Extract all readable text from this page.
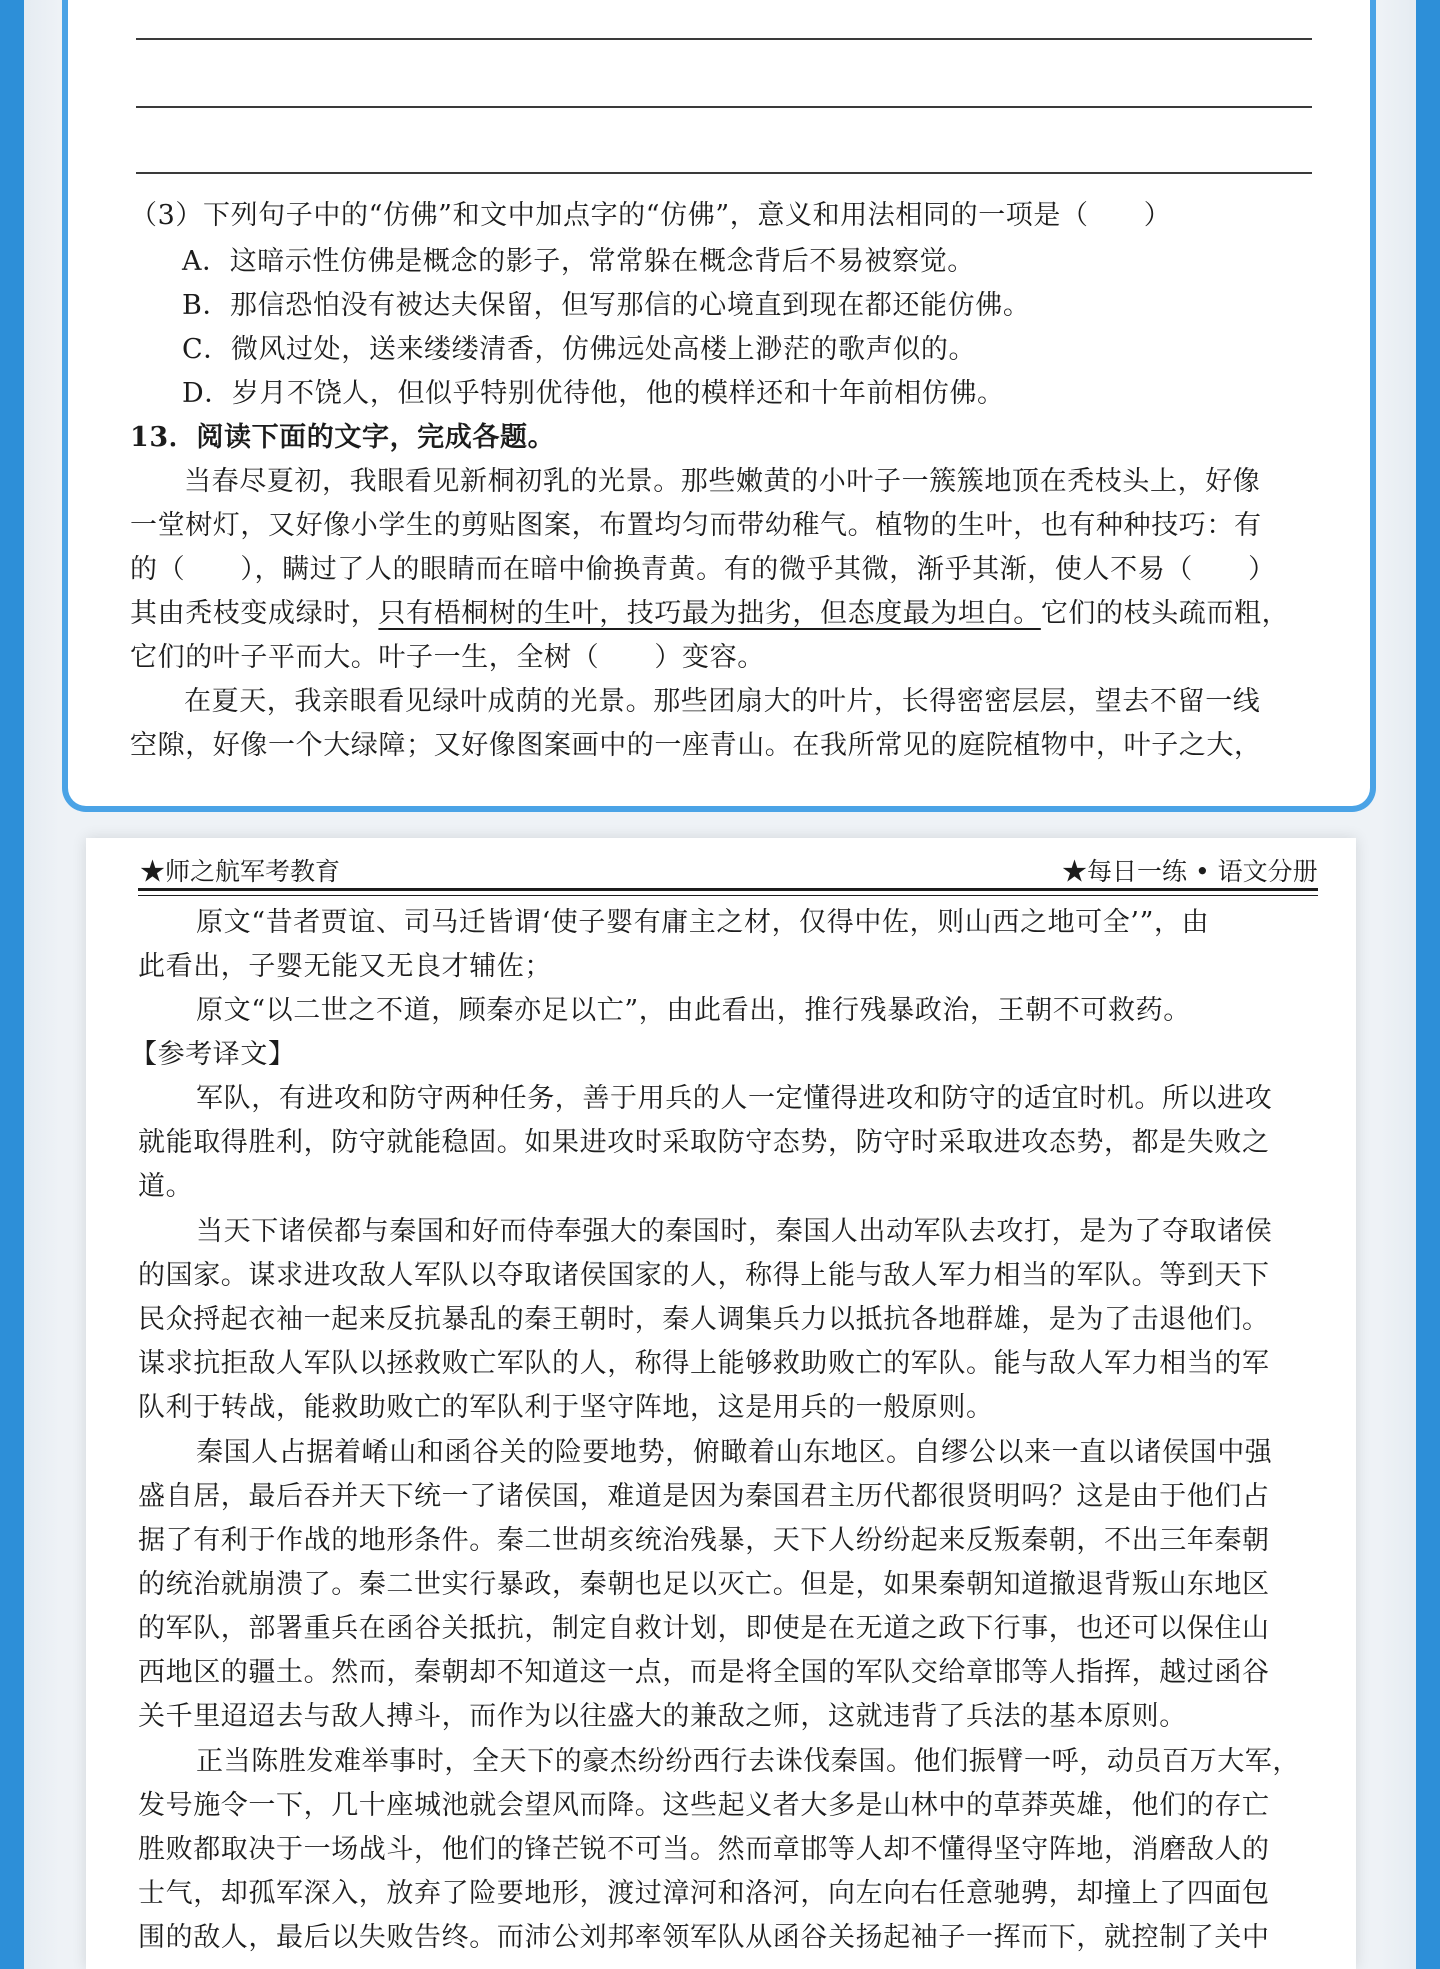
（3）下列句子中的“仿佛”和文中加点字的“仿佛”，意义和用法相同的一项是（　　）
A．这暗示性仿佛是概念的影子，常常躲在概念背后不易被察觉。
B．那信恐怕没有被达夫保留，但写那信的心境直到现在都还能仿佛。
C．微风过处，送来缕缕清香，仿佛远处高楼上渺茫的歌声似的。
D．岁月不饶人，但似乎特别优待他，他的模样还和十年前相仿佛。
13．阅读下面的文字，完成各题。
当春尽夏初，我眼看见新桐初乳的光景。那些嫩黄的小叶子一簇簇地顶在秃枝头上，好像
一堂树灯，又好像小学生的剪贴图案，布置均匀而带幼稚气。植物的生叶，也有种种技巧：有
的（　　），瞒过了人的眼睛而在暗中偷换青黄。有的微乎其微，渐乎其渐，使人不易（　　）
其由秃枝变成绿时，只有梧桐树的生叶，技巧最为拙劣，但态度最为坦白。它们的枝头疏而粗，
它们的叶子平而大。叶子一生，全树（　　）变容。
在夏天，我亲眼看见绿叶成荫的光景。那些团扇大的叶片，长得密密层层，望去不留一线
空隙，好像一个大绿障；又好像图案画中的一座青山。在我所常见的庭院植物中，叶子之大，
★师之航军考教育	★每日一练 • 语文分册
原文“昔者贾谊、司马迁皆谓‘使子婴有庸主之材，仅得中佐，则山西之地可全’”，由
此看出，子婴无能又无良才辅佐；
原文“以二世之不道，顾秦亦足以亡”，由此看出，推行残暴政治，王朝不可救药。
【参考译文】
军队，有进攻和防守两种任务，善于用兵的人一定懂得进攻和防守的适宜时机。所以进攻
就能取得胜利，防守就能稳固。如果进攻时采取防守态势，防守时采取进攻态势，都是失败之
道。
当天下诸侯都与秦国和好而侍奉强大的秦国时，秦国人出动军队去攻打，是为了夺取诸侯
的国家。谋求进攻敌人军队以夺取诸侯国家的人，称得上能与敌人军力相当的军队。等到天下
民众捋起衣袖一起来反抗暴乱的秦王朝时，秦人调集兵力以抵抗各地群雄，是为了击退他们。
谋求抗拒敌人军队以拯救败亡军队的人，称得上能够救助败亡的军队。能与敌人军力相当的军
队利于转战，能救助败亡的军队利于坚守阵地，这是用兵的一般原则。
秦国人占据着崤山和函谷关的险要地势，俯瞰着山东地区。自缪公以来一直以诸侯国中强
盛自居，最后吞并天下统一了诸侯国，难道是因为秦国君主历代都很贤明吗？这是由于他们占
据了有利于作战的地形条件。秦二世胡亥统治残暴，天下人纷纷起来反叛秦朝，不出三年秦朝
的统治就崩溃了。秦二世实行暴政，秦朝也足以灭亡。但是，如果秦朝知道撤退背叛山东地区
的军队，部署重兵在函谷关抵抗，制定自救计划，即使是在无道之政下行事，也还可以保住山
西地区的疆土。然而，秦朝却不知道这一点，而是将全国的军队交给章邯等人指挥，越过函谷
关千里迢迢去与敌人搏斗，而作为以往盛大的兼敌之师，这就违背了兵法的基本原则。
正当陈胜发难举事时，全天下的豪杰纷纷西行去诛伐秦国。他们振臂一呼，动员百万大军，
发号施令一下，几十座城池就会望风而降。这些起义者大多是山林中的草莽英雄，他们的存亡
胜败都取决于一场战斗，他们的锋芒锐不可当。然而章邯等人却不懂得坚守阵地，消磨敌人的
士气，却孤军深入，放弃了险要地形，渡过漳河和洛河，向左向右任意驰骋，却撞上了四面包
围的敌人，最后以失败告终。而沛公刘邦率领军队从函谷关扬起袖子一挥而下，就控制了关中
